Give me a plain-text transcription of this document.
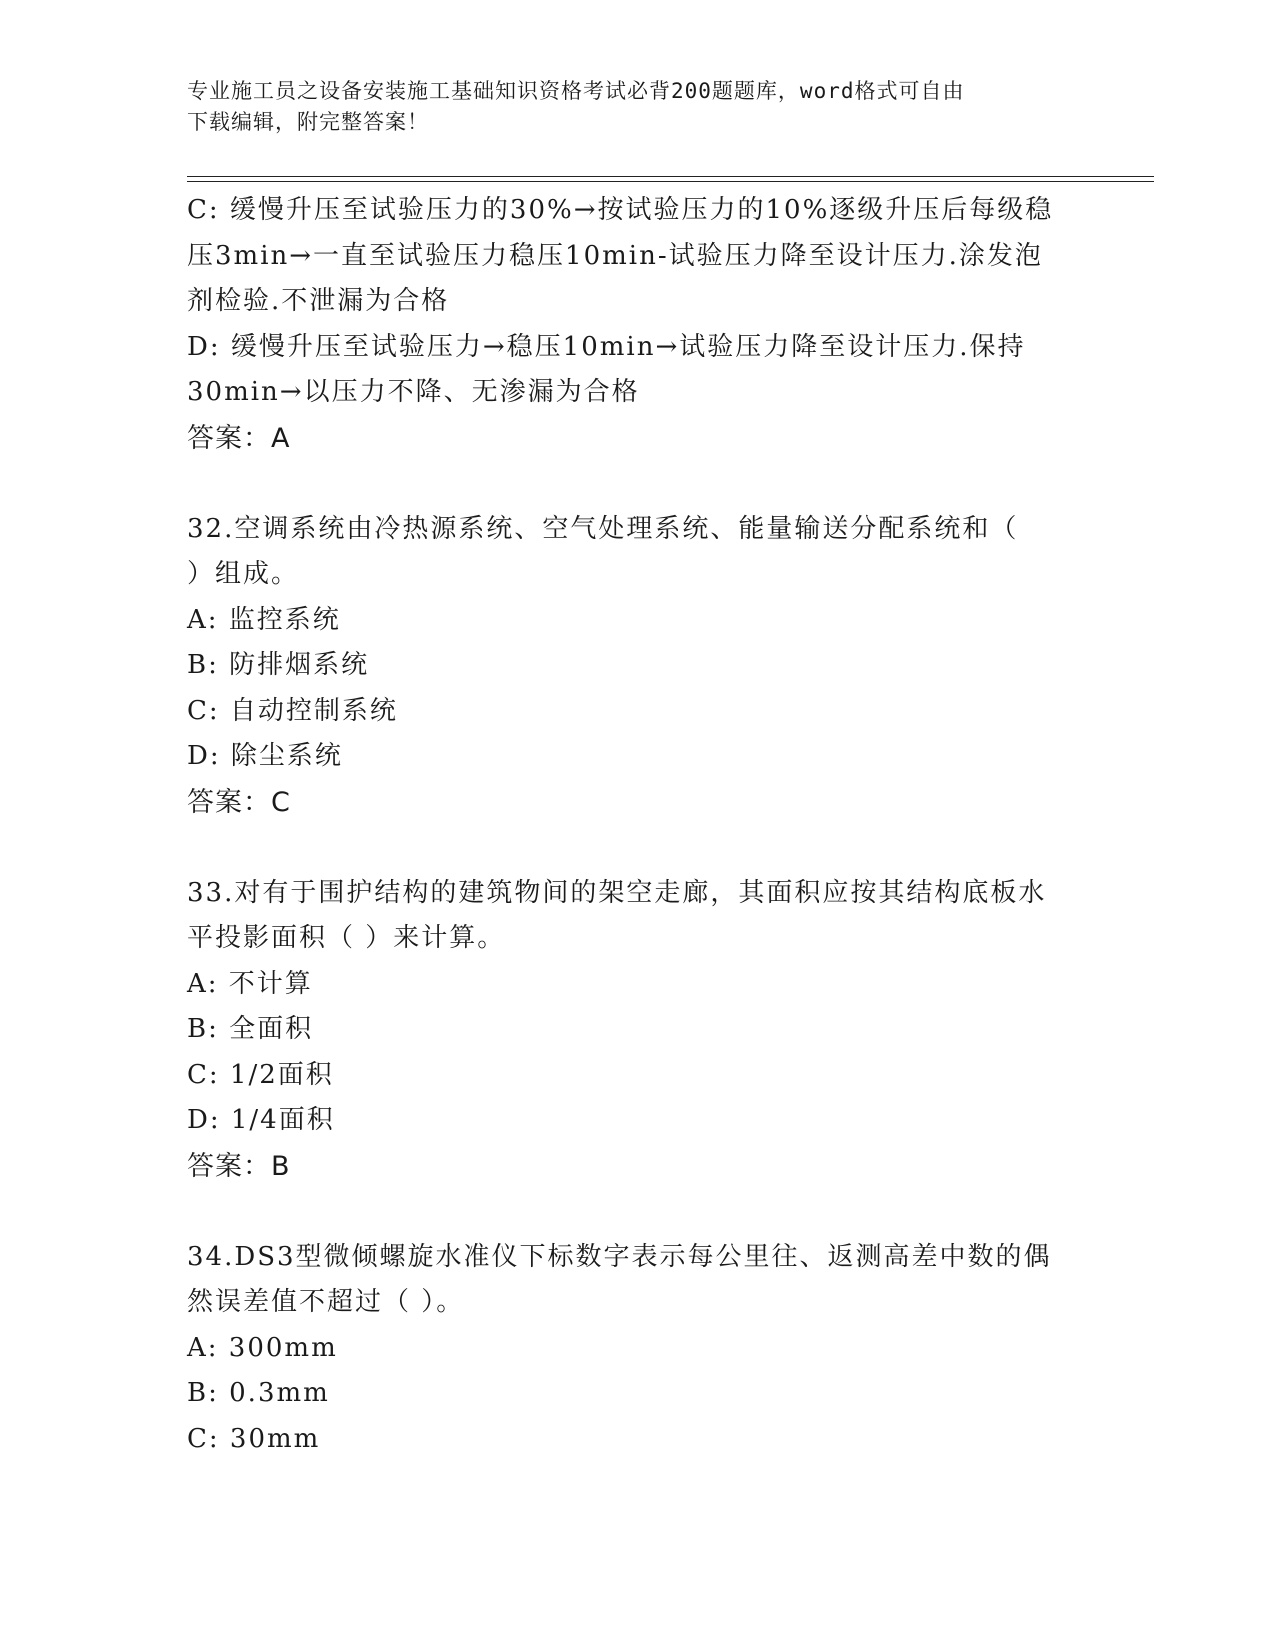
专业施工员之设备安装施工基础知识资格考试必背200题题库，word格式可自由
下载编辑，附完整答案！
C: 缓慢升压至试验压力的30%→按试验压力的10%逐级升压后每级稳
压3min→一直至试验压力稳压10min-试验压力降至设计压力.涂发泡
剂检验.不泄漏为合格
D: 缓慢升压至试验压力→稳压10min→试验压力降至设计压力.保持
30min→以压力不降、无渗漏为合格
答案：A
32.空调系统由冷热源系统、空气处理系统、能量输送分配系统和（
）组成。
A: 监控系统
B: 防排烟系统
C: 自动控制系统
D: 除尘系统
答案：C
33.对有于围护结构的建筑物间的架空走廊，其面积应按其结构底板水
平投影面积（ ）来计算。
A: 不计算
B: 全面积
C: 1/2面积
D: 1/4面积
答案：B
34.DS3型微倾螺旋水准仪下标数字表示每公里往、返测高差中数的偶
然误差值不超过（ ）。
A: 300mm
B: 0.3mm
C: 30mm
